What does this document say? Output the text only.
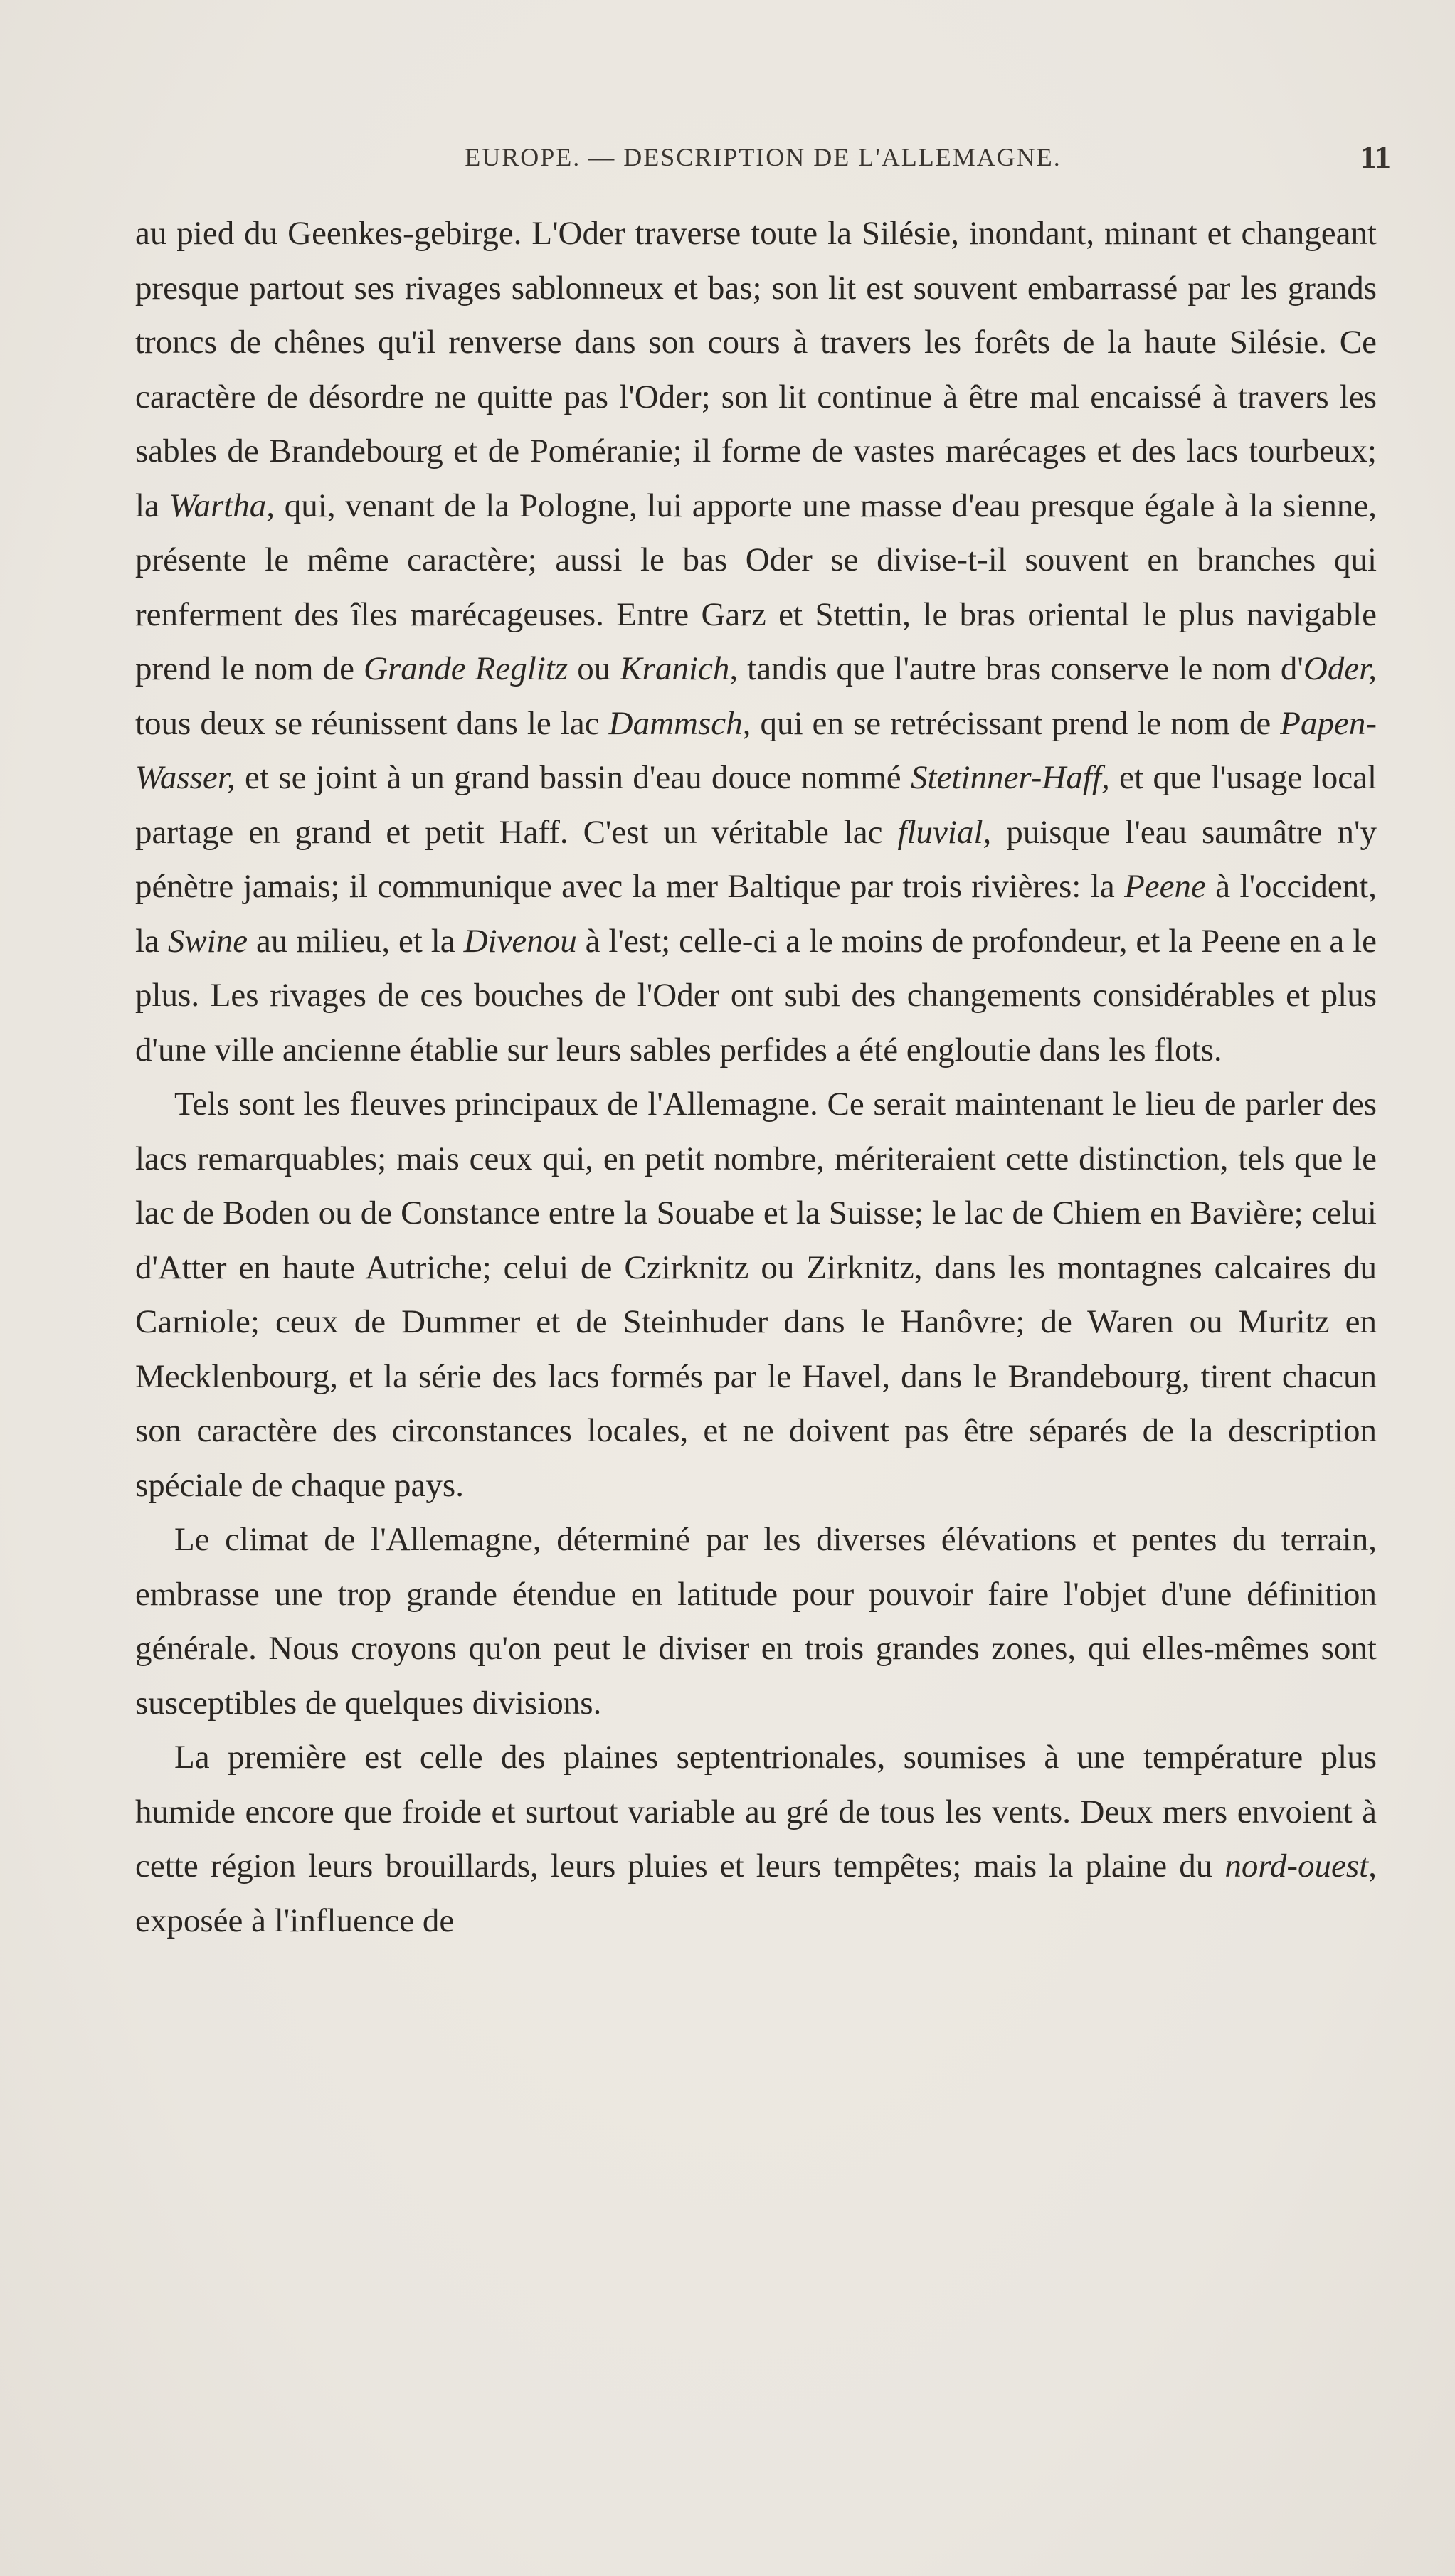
EUROPE. — DESCRIPTION DE L'ALLEMAGNE.	11

au pied du Geenkes-gebirge. L'Oder traverse toute la Silésie, inondant, minant et changeant presque partout ses rivages sablonneux et bas; son lit est souvent embarrassé par les grands troncs de chênes qu'il renverse dans son cours à travers les forêts de la haute Silésie. Ce caractère de désordre ne quitte pas l'Oder; son lit continue à être mal encaissé à travers les sables de Brandebourg et de Poméranie; il forme de vastes marécages et des lacs tourbeux; la Wartha, qui, venant de la Pologne, lui apporte une masse d'eau presque égale à la sienne, présente le même caractère; aussi le bas Oder se divise-t-il souvent en branches qui renferment des îles marécageuses. Entre Garz et Stettin, le bras oriental le plus navigable prend le nom de Grande Reglitz ou Kranich, tandis que l'autre bras conserve le nom d'Oder, tous deux se réunissent dans le lac Dammsch, qui en se retrécissant prend le nom de Papen-Wasser, et se joint à un grand bassin d'eau douce nommé Stetinner-Haff, et que l'usage local partage en grand et petit Haff. C'est un véritable lac fluvial, puisque l'eau saumâtre n'y pénètre jamais; il communique avec la mer Baltique par trois rivières: la Peene à l'occident, la Swine au milieu, et la Divenou à l'est; celle-ci a le moins de profondeur, et la Peene en a le plus. Les rivages de ces bouches de l'Oder ont subi des changements considérables et plus d'une ville ancienne établie sur leurs sables perfides a été engloutie dans les flots.

Tels sont les fleuves principaux de l'Allemagne. Ce serait maintenant le lieu de parler des lacs remarquables; mais ceux qui, en petit nombre, mériteraient cette distinction, tels que le lac de Boden ou de Constance entre la Souabe et la Suisse; le lac de Chiem en Bavière; celui d'Atter en haute Autriche; celui de Czirknitz ou Zirknitz, dans les montagnes calcaires du Carniole; ceux de Dummer et de Steinhuder dans le Hanôvre; de Waren ou Muritz en Mecklenbourg, et la série des lacs formés par le Havel, dans le Brandebourg, tirent chacun son caractère des circonstances locales, et ne doivent pas être séparés de la description spéciale de chaque pays.

Le climat de l'Allemagne, déterminé par les diverses élévations et pentes du terrain, embrasse une trop grande étendue en latitude pour pouvoir faire l'objet d'une définition générale. Nous croyons qu'on peut le diviser en trois grandes zones, qui elles-mêmes sont susceptibles de quelques divisions.

La première est celle des plaines septentrionales, soumises à une température plus humide encore que froide et surtout variable au gré de tous les vents. Deux mers envoient à cette région leurs brouillards, leurs pluies et leurs tempêtes; mais la plaine du nord-ouest, exposée à l'influence de
